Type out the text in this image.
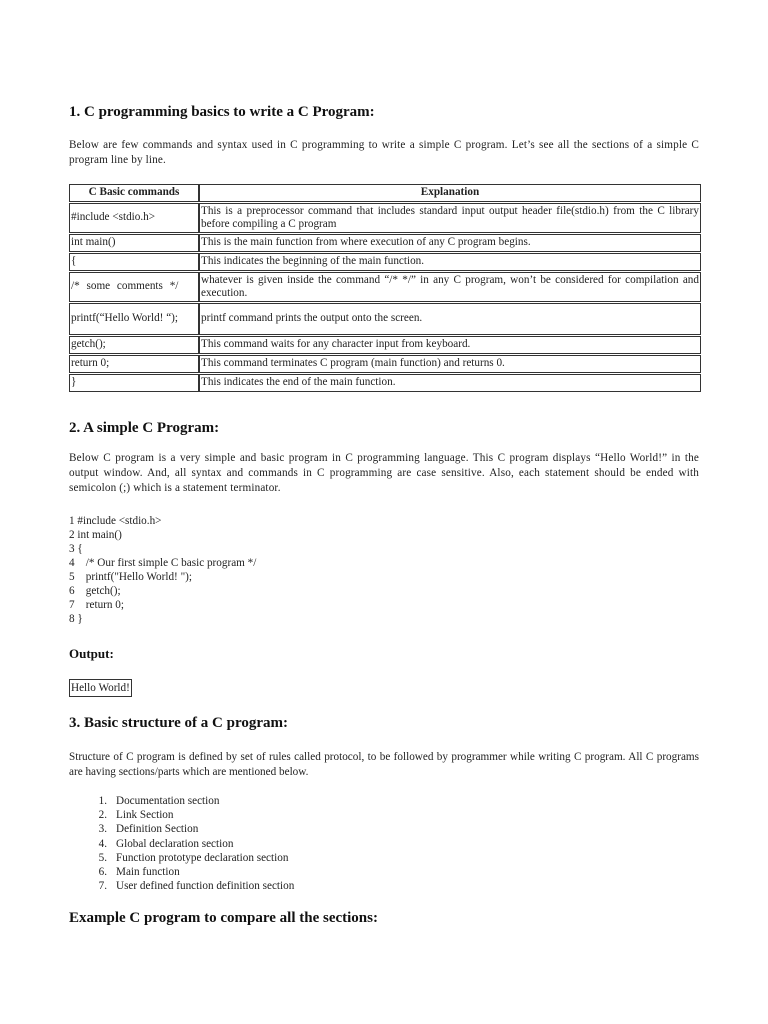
1. C programming basics to write a C Program:

Below are few commands and syntax used in C programming to write a simple C program. Let’s see all the sections of a simple C program line by line.

C Basic commands	Explanation
#include <stdio.h>	This is a preprocessor command that includes standard input output header file(stdio.h) from the C library before compiling a C program
int main()	This is the main function from where execution of any C program begins.
{	This indicates the beginning of the main function.
/* some comments */	whatever is given inside the command “/* */” in any C program, won’t be considered for compilation and execution.
printf(“Hello World! “);	printf command prints the output onto the screen.
getch();	This command waits for any character input from keyboard.
return 0;	This command terminates C program (main function) and returns 0.
}	This indicates the end of the main function.
2. A simple C Program:

Below C program is a very simple and basic program in C programming language. This C program displays “Hello World!” in the output window. And, all syntax and commands in C programming are case sensitive. Also, each statement should be ended with semicolon (;) which is a statement terminator.

1 #include <stdio.h>
2 int main()
3 {
4    /* Our first simple C basic program */
5    printf("Hello World! ");
6    getch();
7    return 0;
8 }
Output:
Hello World!
3. Basic structure of a C program:

Structure of C program is defined by set of rules called protocol, to be followed by programmer while writing C program. All C programs are having sections/parts which are mentioned below.

1. Documentation section
2. Link Section
3. Definition Section
4. Global declaration section
5. Function prototype declaration section
6. Main function
7. User defined function definition section
Example C program to compare all the sections:
